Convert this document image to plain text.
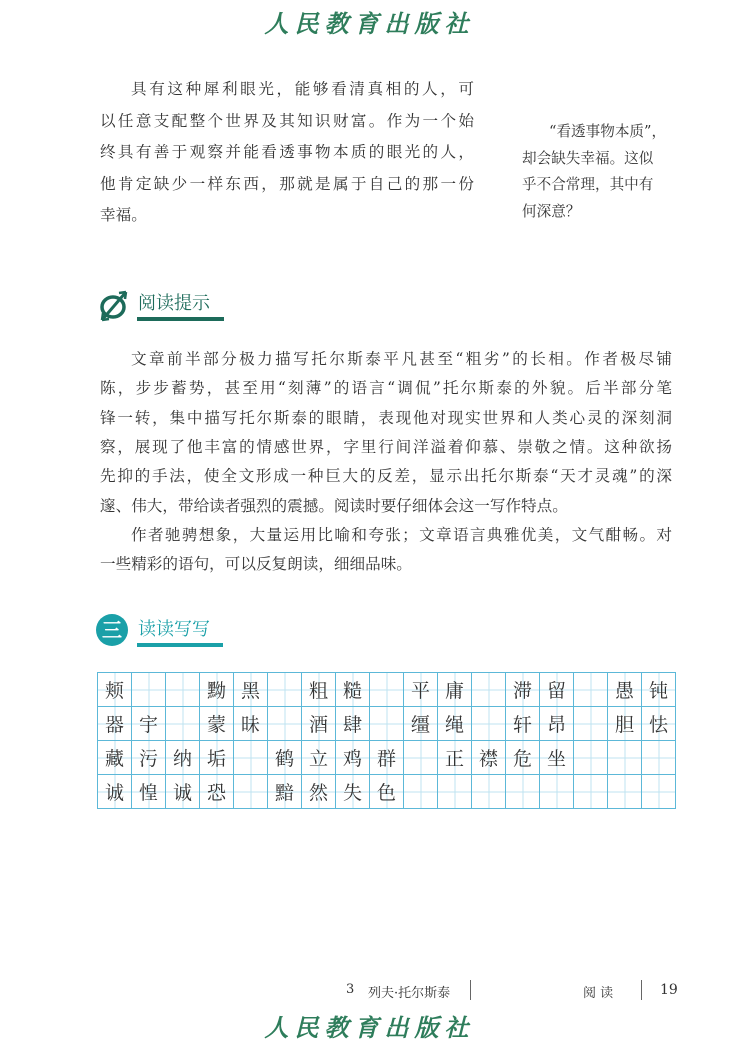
人民教育出版社
具有这种犀利眼光，能够看清真相的人，可
以任意支配整个世界及其知识财富。作为一个始
终具有善于观察并能看透事物本质的眼光的人，
他肯定缺少一样东西，那就是属于自己的那一份
幸福。
“看透事物本质”，
却会缺失幸福。这似
乎不合常理，其中有
何深意？
阅读提示
文章前半部分极力描写托尔斯泰平凡甚至“粗劣”的长相。作者极尽铺
陈，步步蓄势，甚至用“刻薄”的语言“调侃”托尔斯泰的外貌。后半部分笔
锋一转，集中描写托尔斯泰的眼睛，表现他对现实世界和人类心灵的深刻洞
察，展现了他丰富的情感世界，字里行间洋溢着仰慕、崇敬之情。这种欲扬
先抑的手法，使全文形成一种巨大的反差，显示出托尔斯泰“天才灵魂”的深
邃、伟大，带给读者强烈的震撼。阅读时要仔细体会这一写作特点。
作者驰骋想象，大量运用比喻和夸张；文章语言典雅优美，文气酣畅。对
一些精彩的语句，可以反复朗读，细细品味。
三 读读写写
颊			黝	黑		粗	糙		平	庸		滞	留		愚	钝
器	宇		蒙	昧		酒	肆		缰	绳		轩	昂		胆	怯
藏	污	纳	垢		鹤	立	鸡	群		正	襟	危	坐			
诚	惶	诚	恐		黯	然	失	色								
3 列夫·托尔斯泰	阅 读	19
人民教育出版社
